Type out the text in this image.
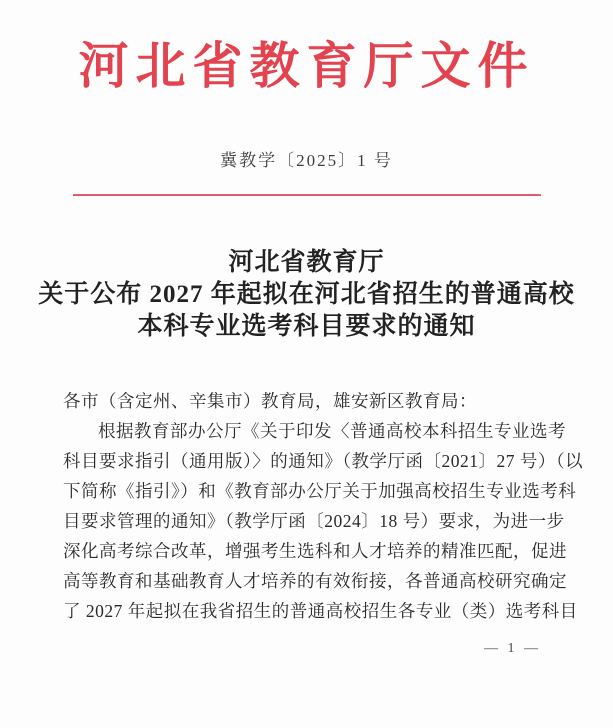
河北省教育厅文件
冀教学〔2025〕1 号
河北省教育厅
关于公布 2027 年起拟在河北省招生的普通高校
本科专业选考科目要求的通知
各市（含定州、辛集市）教育局，雄安新区教育局：
根据教育部办公厅《关于印发〈普通高校本科招生专业选考
科目要求指引（通用版）〉的通知》（教学厅函〔2021〕27 号）（以
下简称《指引》）和《教育部办公厅关于加强高校招生专业选考科
目要求管理的通知》（教学厅函〔2024〕18 号）要求，为进一步
深化高考综合改革，增强考生选科和人才培养的精准匹配，促进
高等教育和基础教育人才培养的有效衔接，各普通高校研究确定
了 2027 年起拟在我省招生的普通高校招生各专业（类）选考科目
— 1 —
